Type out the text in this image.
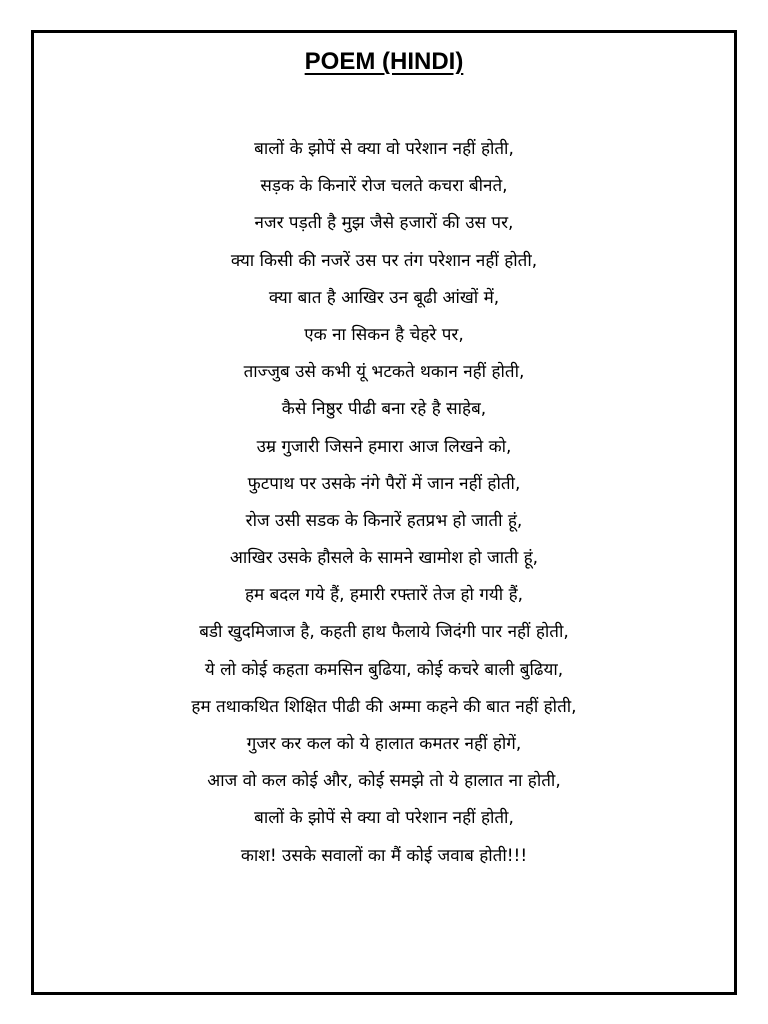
POEM (HINDI)
बालों के झोपें से क्या वो परेशान नहीं होती,
सड़क के किनारें रोज चलते कचरा बीनते,
नजर पड़ती है मुझ जैसे हजारों की उस पर,
क्या किसी की नजरें उस पर तंग परेशान नहीं होती,
क्या बात है आखिर उन बूढी आंखों में,
एक ना सिकन है चेहरे पर,
ताज्जुब उसे कभी यूं भटकते थकान नहीं होती,
कैसे निष्ठुर पीढी बना रहे है साहेब,
उम्र गुजारी जिसने हमारा आज लिखने को,
फुटपाथ पर उसके नंगे पैरों में जान नहीं होती,
रोज उसी सडक के किनारें हतप्रभ हो जाती हूं,
आखिर उसके हौसले के सामने खामोश हो जाती हूं,
हम बदल गये हैं, हमारी रफ्तारें तेज हो गयी हैं,
बडी खुदमिजाज है, कहती हाथ फैलाये जिदंगी पार नहीं होती,
ये लो कोई कहता कमसिन बुढिया, कोई कचरे बाली बुढिया,
हम तथाकथित शिक्षित पीढी की अम्मा कहने की बात नहीं होती,
गुजर कर कल को ये हालात कमतर नहीं होगें,
आज वो कल कोई और, कोई समझे तो ये हालात ना होती,
बालों के झोपें से क्या वो परेशान नहीं होती,
काश! उसके सवालों का मैं कोई जवाब होती!!!
